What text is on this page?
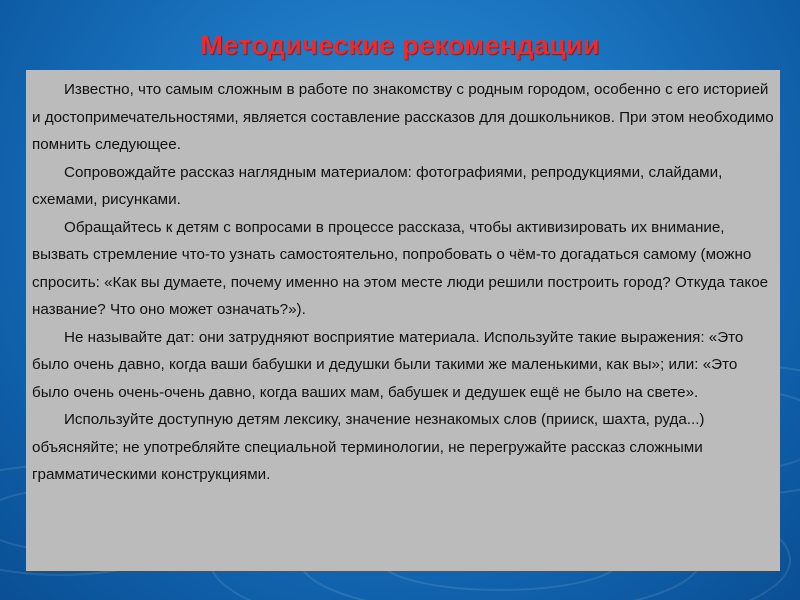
Методические рекомендации

Известно, что самым сложным в работе по знакомству с родным городом, особенно с его историей и достопримечательностями, является составление рассказов для дошкольников. При этом необходимо помнить следующее.

Сопровождайте рассказ наглядным материалом: фотографиями, репродукциями, слайдами, схемами, рисунками.

Обращайтесь к детям с вопросами в процессе рассказа, чтобы активизировать их внимание, вызвать стремление что-то узнать самостоятельно, попробовать о чём-то догадаться самому (можно спросить: «Как вы думаете, почему именно на этом месте люди решили построить город? Откуда такое название? Что оно может означать?»).

Не называйте дат: они затрудняют восприятие материала. Используйте такие выражения: «Это было очень давно, когда ваши бабушки и дедушки были такими же маленькими, как вы»; или: «Это было очень очень-очень давно, когда ваших мам, бабушек и дедушек ещё не было на свете».

Используйте доступную детям лексику, значение незнакомых слов (прииск, шахта, руда...) объясняйте; не употребляйте специальной терминологии, не перегружайте рассказ сложными грамматическими конструкциями.
